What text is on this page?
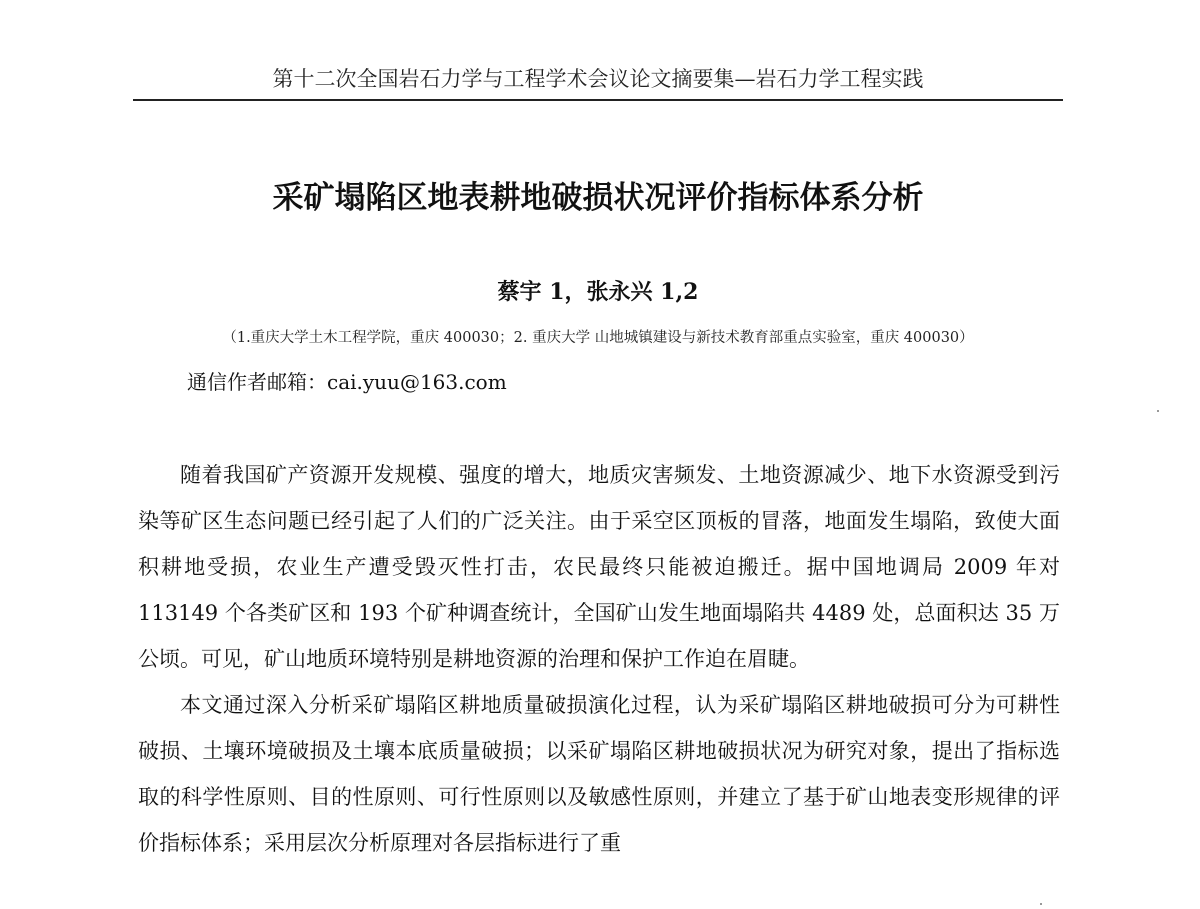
第十二次全国岩石力学与工程学术会议论文摘要集—岩石力学工程实践
采矿塌陷区地表耕地破损状况评价指标体系分析
蔡宇 1，张永兴 1,2
（1.重庆大学土木工程学院，重庆 400030；2. 重庆大学 山地城镇建设与新技术教育部重点实验室，重庆 400030）
通信作者邮箱：cai.yuu@163.com

随着我国矿产资源开发规模、强度的增大，地质灾害频发、土地资源减少、地下水资源受到污染等矿区生态问题已经引起了人们的广泛关注。由于采空区顶板的冒落，地面发生塌陷，致使大面积耕地受损，农业生产遭受毁灭性打击，农民最终只能被迫搬迁。据中国地调局 2009 年对 113149 个各类矿区和 193 个矿种调查统计，全国矿山发生地面塌陷共 4489 处，总面积达 35 万公顷。可见，矿山地质环境特别是耕地资源的治理和保护工作迫在眉睫。

本文通过深入分析采矿塌陷区耕地质量破损演化过程，认为采矿塌陷区耕地破损可分为可耕性破损、土壤环境破损及土壤本底质量破损；以采矿塌陷区耕地破损状况为研究对象，提出了指标选取的科学性原则、目的性原则、可行性原则以及敏感性原则，并建立了基于矿山地表变形规律的评价指标体系；采用层次分析原理对各层指标进行了重
